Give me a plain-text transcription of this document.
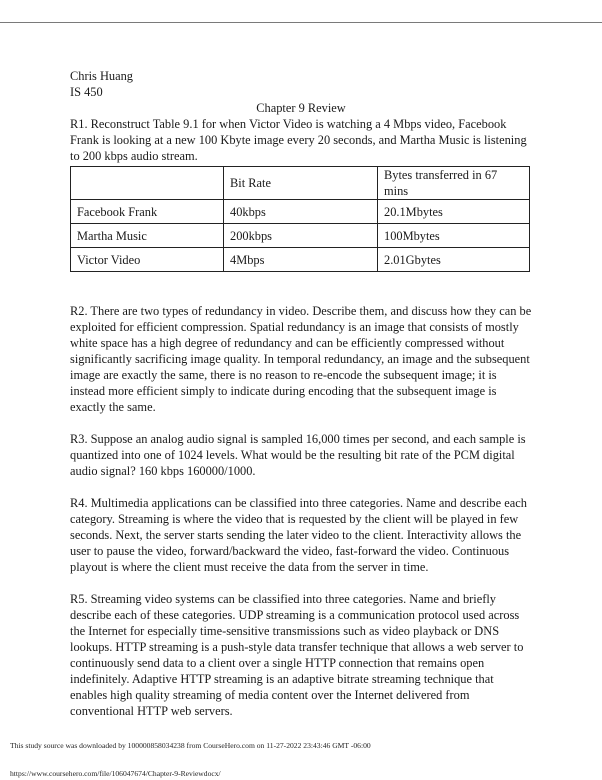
Chris Huang
IS 450
Chapter 9 Review

R1. Reconstruct Table 9.1 for when Victor Video is watching a 4 Mbps video, Facebook Frank is looking at a new 100 Kbyte image every 20 seconds, and Martha Music is listening to 200 kbps audio stream.

	Bit Rate	Bytes transferred in 67 mins
Facebook Frank	40kbps	20.1Mbytes
Martha Music	200kbps	100Mbytes
Victor Video	4Mbps	2.01Gbytes

R2. There are two types of redundancy in video. Describe them, and discuss how they can be exploited for efficient compression. Spatial redundancy is an image that consists of mostly white space has a high degree of redundancy and can be efficiently compressed without significantly sacrificing image quality. In temporal redundancy, an image and the subsequent image are exactly the same, there is no reason to re-encode the subsequent image; it is instead more efficient simply to indicate during encoding that the subsequent image is exactly the same.

R3. Suppose an analog audio signal is sampled 16,000 times per second, and each sample is quantized into one of 1024 levels. What would be the resulting bit rate of the PCM digital audio signal? 160 kbps 160000/1000.

R4. Multimedia applications can be classified into three categories. Name and describe each category. Streaming is where the video that is requested by the client will be played in few seconds. Next, the server starts sending the later video to the client. Interactivity allows the user to pause the video, forward/backward the video, fast-forward the video. Continuous playout is where the client must receive the data from the server in time.

R5. Streaming video systems can be classified into three categories. Name and briefly describe each of these categories. UDP streaming is a communication protocol used across the Internet for especially time-sensitive transmissions such as video playback or DNS lookups. HTTP streaming is a push-style data transfer technique that allows a web server to continuously send data to a client over a single HTTP connection that remains open indefinitely. Adaptive HTTP streaming is an adaptive bitrate streaming technique that enables high quality streaming of media content over the Internet delivered from conventional HTTP web servers.

This study source was downloaded by 100000858034238 from CourseHero.com on 11-27-2022 23:43:46 GMT -06:00
https://www.coursehero.com/file/106047674/Chapter-9-Reviewdocx/
